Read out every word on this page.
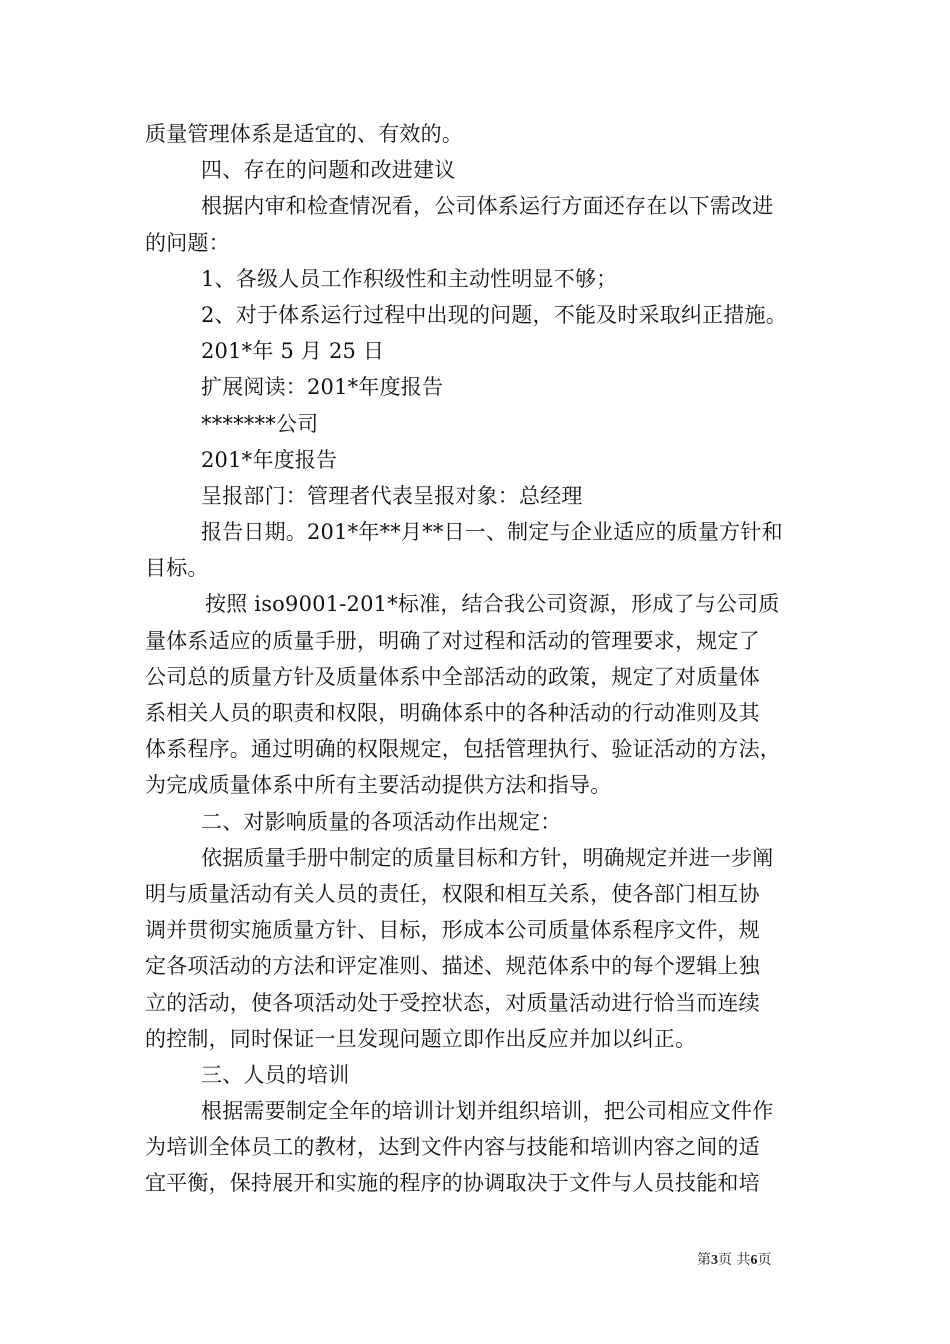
质量管理体系是适宜的、有效的。
四、存在的问题和改进建议
根据内审和检查情况看，公司体系运行方面还存在以下需改进
的问题：
1、各级人员工作积级性和主动性明显不够；
2、对于体系运行过程中出现的问题，不能及时采取纠正措施。
201*年 5 月 25 日
扩展阅读：201*年度报告
*******公司
201*年度报告
呈报部门：管理者代表呈报对象：总经理
报告日期。201*年**月**日一、制定与企业适应的质量方针和
目标。
按照 iso9001-201*标准，结合我公司资源，形成了与公司质
量体系适应的质量手册，明确了对过程和活动的管理要求，规定了
公司总的质量方针及质量体系中全部活动的政策，规定了对质量体
系相关人员的职责和权限，明确体系中的各种活动的行动准则及其
体系程序。通过明确的权限规定，包括管理执行、验证活动的方法，
为完成质量体系中所有主要活动提供方法和指导。
二、对影响质量的各项活动作出规定：
依据质量手册中制定的质量目标和方针，明确规定并进一步阐
明与质量活动有关人员的责任，权限和相互关系，使各部门相互协
调并贯彻实施质量方针、目标，形成本公司质量体系程序文件，规
定各项活动的方法和评定准则、描述、规范体系中的每个逻辑上独
立的活动，使各项活动处于受控状态，对质量活动进行恰当而连续
的控制，同时保证一旦发现问题立即作出反应并加以纠正。
三、人员的培训
根据需要制定全年的培训计划并组织培训，把公司相应文件作
为培训全体员工的教材，达到文件内容与技能和培训内容之间的适
宜平衡，保持展开和实施的程序的协调取决于文件与人员技能和培
第3页 共6页
